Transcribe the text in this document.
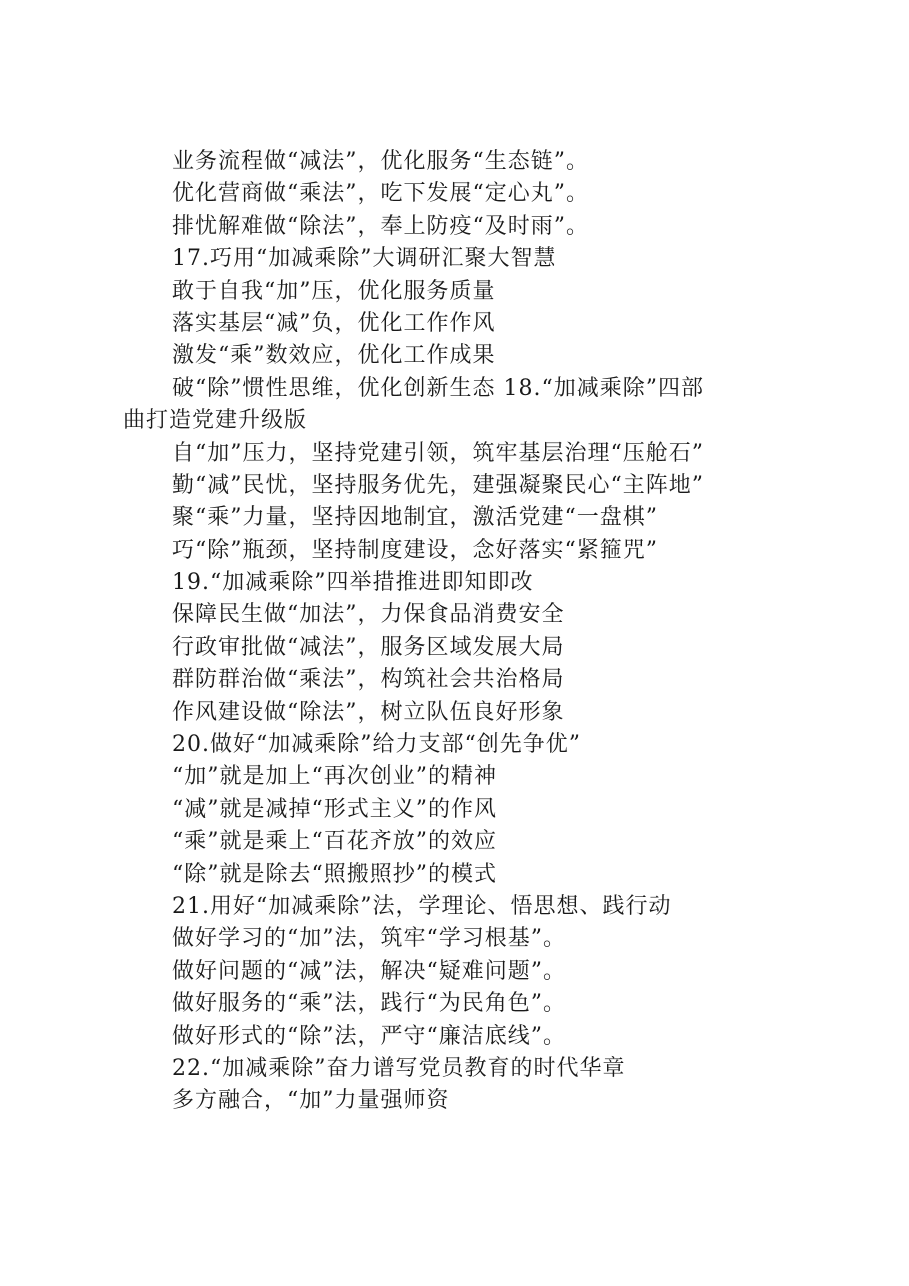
业务流程做“减法”，优化服务“生态链”。
优化营商做“乘法”，吃下发展“定心丸”。
排忧解难做“除法”，奉上防疫“及时雨”。
17.巧用“加减乘除”大调研汇聚大智慧
敢于自我“加”压，优化服务质量
落实基层“减”负，优化工作作风
激发“乘”数效应，优化工作成果
破“除”惯性思维，优化创新生态 18.“加减乘除”四部
曲打造党建升级版
自“加”压力，坚持党建引领，筑牢基层治理“压舱石”
勤“减”民忧，坚持服务优先，建强凝聚民心“主阵地”
聚“乘”力量，坚持因地制宜，激活党建“一盘棋”
巧“除”瓶颈，坚持制度建设，念好落实“紧箍咒”
19.“加减乘除”四举措推进即知即改
保障民生做“加法”，力保食品消费安全
行政审批做“减法”，服务区域发展大局
群防群治做“乘法”，构筑社会共治格局
作风建设做“除法”，树立队伍良好形象
20.做好“加减乘除”给力支部“创先争优”
“加”就是加上“再次创业”的精神
“减”就是减掉“形式主义”的作风
“乘”就是乘上“百花齐放”的效应
“除”就是除去“照搬照抄”的模式
21.用好“加减乘除”法，学理论、悟思想、践行动
做好学习的“加”法，筑牢“学习根基”。
做好问题的“减”法，解决“疑难问题”。
做好服务的“乘”法，践行“为民角色”。
做好形式的“除”法，严守“廉洁底线”。
22.“加减乘除”奋力谱写党员教育的时代华章
多方融合，“加”力量强师资
